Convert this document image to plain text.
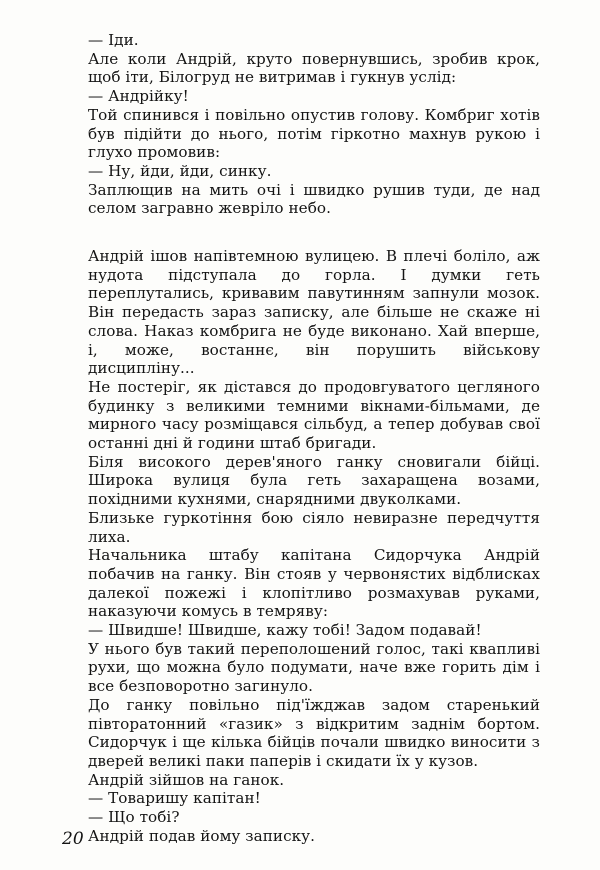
— Іди.

Але коли Андрій, круто повернувшись, зробив крок, щоб іти, Білогруд не витримав і гукнув услід:

— Андрійку!

Той спинився і повільно опустив голову. Комбриг хотів був підійти до нього, потім гіркотно махнув рукою і глухо промовив:

— Ну, йди, йди, синку.

Заплющив на мить очі і швидко рушив туди, де над селом загравно жевріло небо.

Андрій ішов напівтемною вулицею. В плечі боліло, аж нудота підступала до горла. І думки геть переплутались, кривавим павутинням запнули мозок. Він передасть зараз записку, але більше не скаже ні слова. Наказ комбрига не буде виконано. Хай вперше, і, може, востаннє, він порушить військову дисципліну...

Не постеріг, як дістався до продовгуватого цегляного будинку з великими темними вікнами-більмами, де мирного часу розміщався сільбуд, а тепер добував свої останні дні й години штаб бригади.

Біля високого дерев'яного ганку сновигали бійці. Широка вулиця була геть захаращена возами, похідними кухнями, снарядними двуколками.

Близьке гуркотіння бою сіяло невиразне передчуття лиха.

Начальника штабу капітана Сидорчука Андрій побачив на ганку. Він стояв у червонястих відблисках далекої пожежі і клопітливо розмахував руками, наказуючи комусь в темряву:

— Швидше! Швидше, кажу тобі! Задом подавай!

У нього був такий переполошений голос, такі квапливі рухи, що можна було подумати, наче вже горить дім і все безповоротно загинуло.

До ганку повільно під'їжджав задом старенький півторатонний «газик» з відкритим заднім бортом. Сидорчук і ще кілька бійців почали швидко виносити з дверей великі паки паперів і скидати їх у кузов.

Андрій зійшов на ганок.

— Товаришу капітан!

— Що тобі?

Андрій подав йому записку.

20
